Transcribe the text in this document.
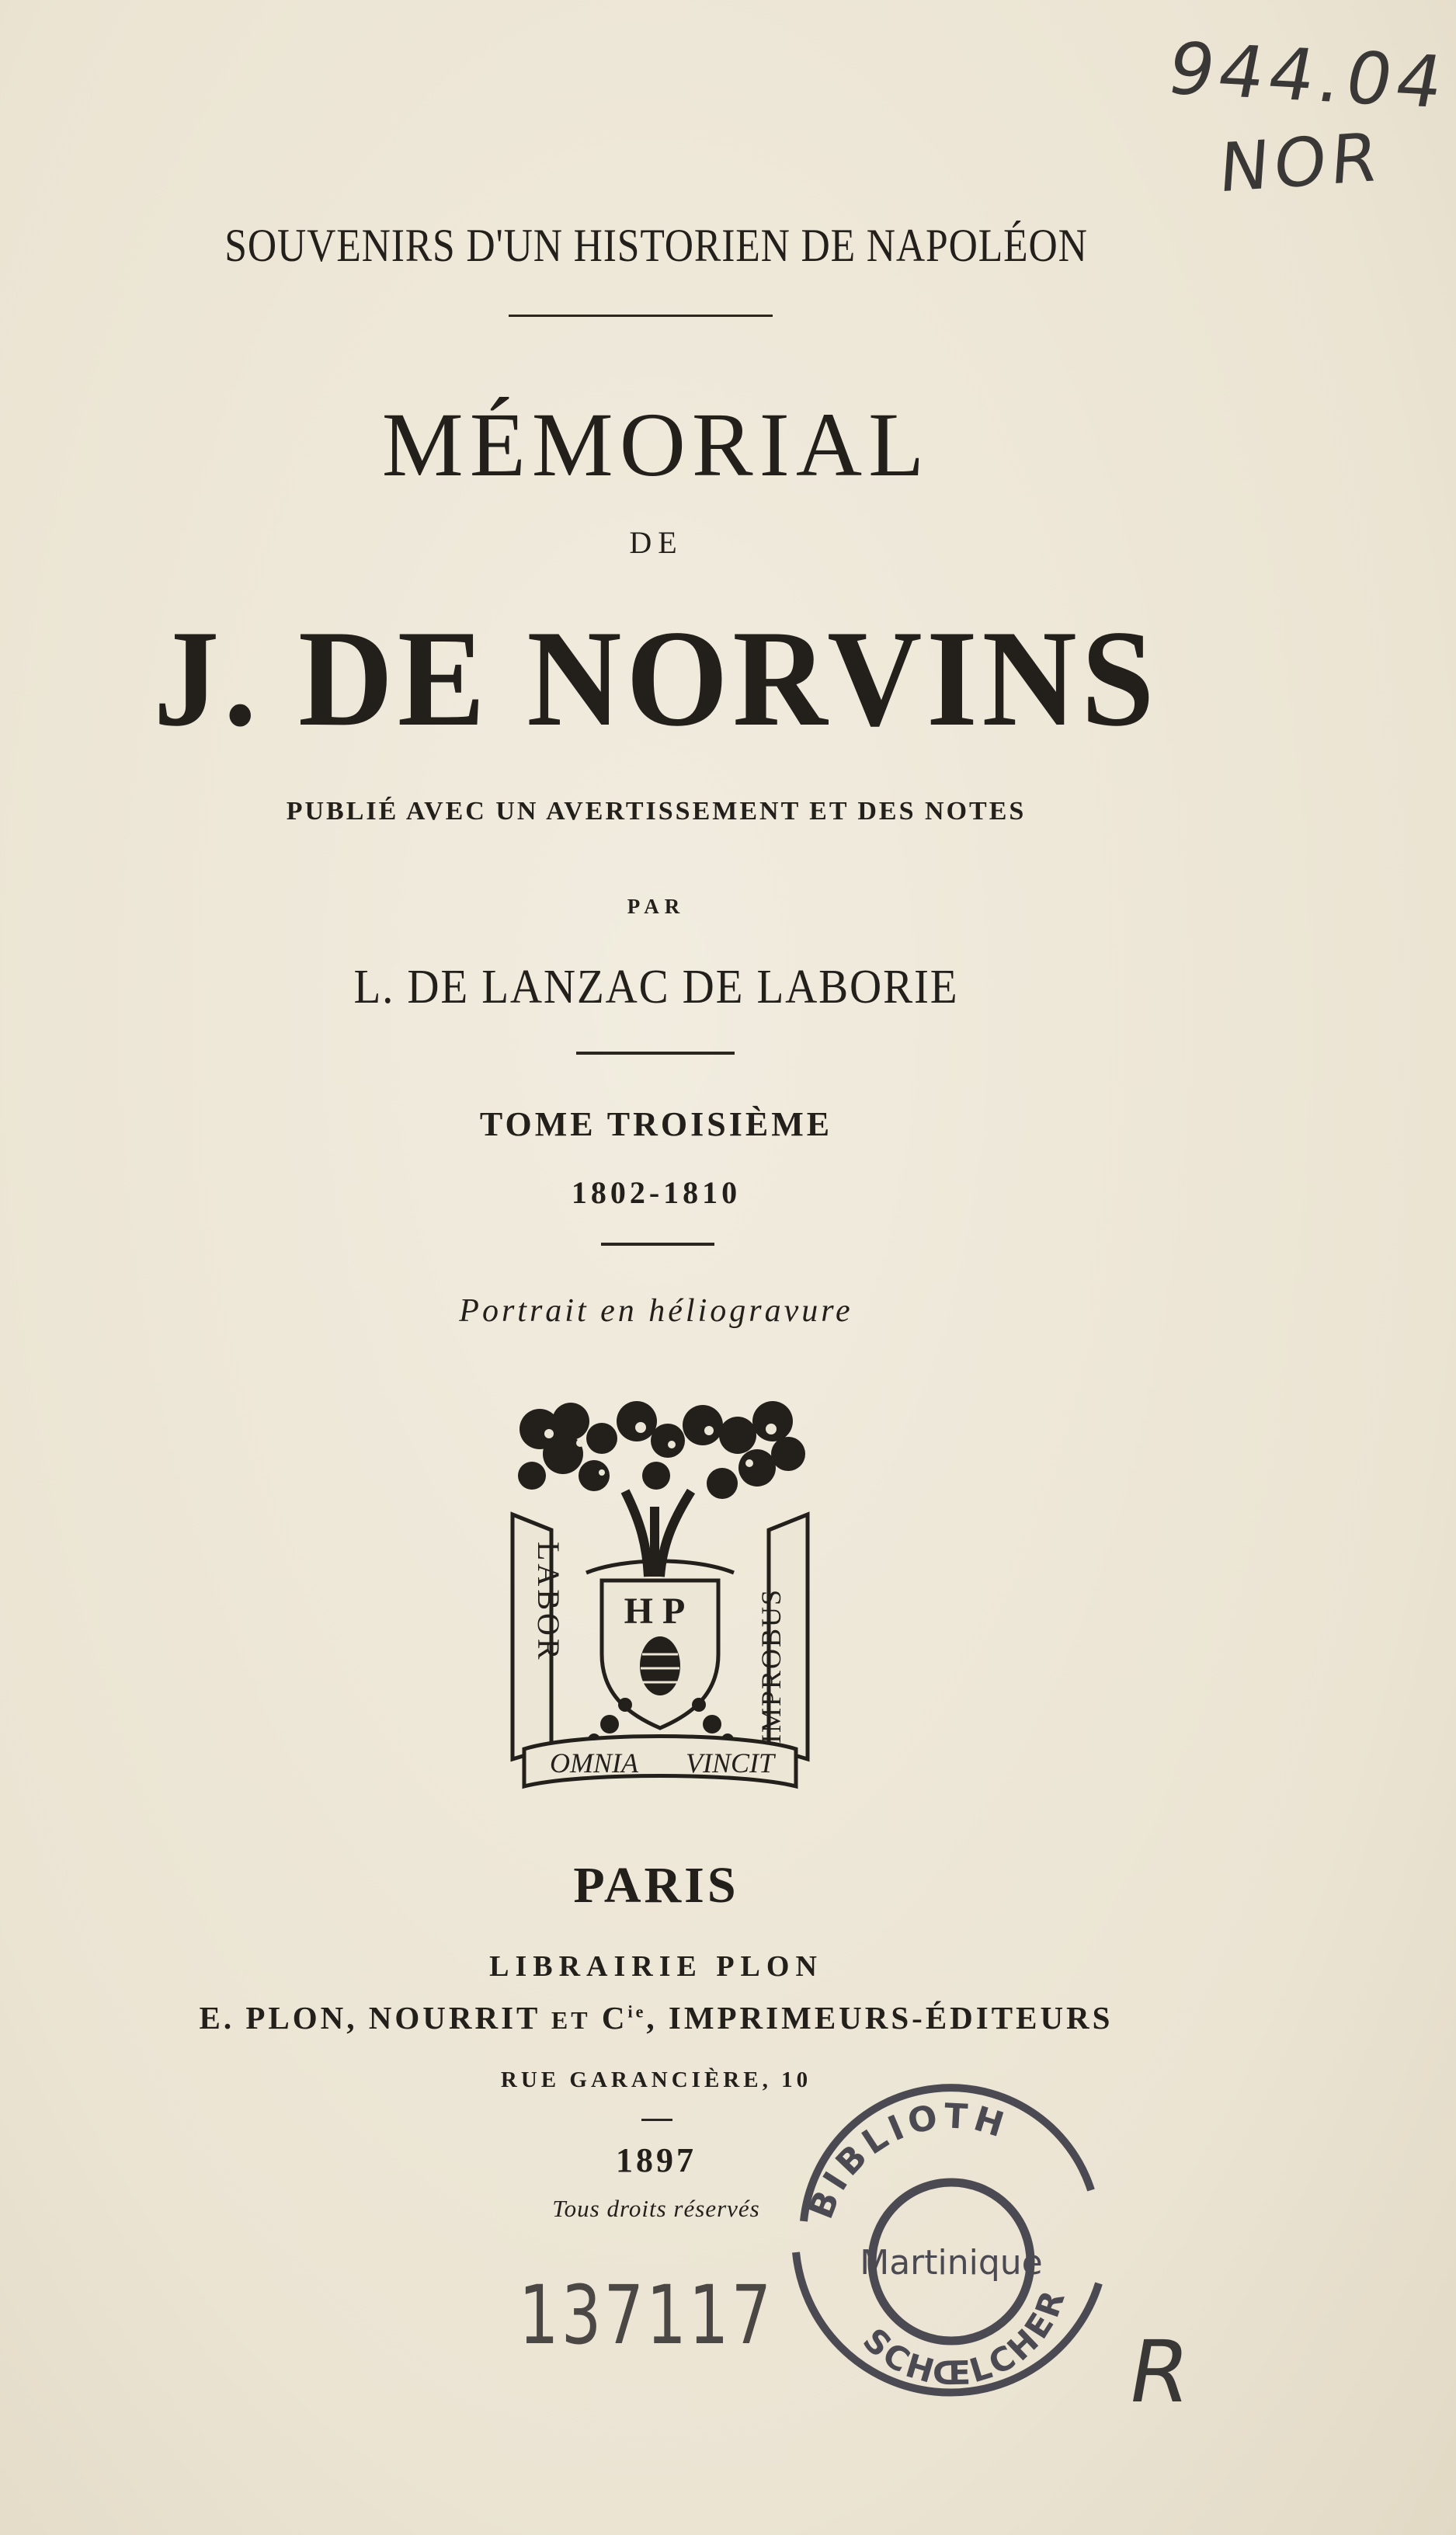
944.04
NOR
SOUVENIRS D'UN HISTORIEN DE NAPOLÉON
MÉMORIAL
DE
J. DE NORVINS
PUBLIÉ AVEC UN AVERTISSEMENT ET DES NOTES
PAR
L. DE LANZAC DE LABORIE
TOME TROISIÈME
1802-1810
Portrait en héliogravure
H P
LABOR	IMPROBUS
OMNIA VINCIT
PARIS
LIBRAIRIE PLON
E. PLON, NOURRIT ET $C^{ie}$, IMPRIMEURS-ÉDITEURS
RUE GARANCIÈRE, 10
1897
Tous droits réservés
137117
BIBLIOTH
Martinique
SCHŒLCHER
R
